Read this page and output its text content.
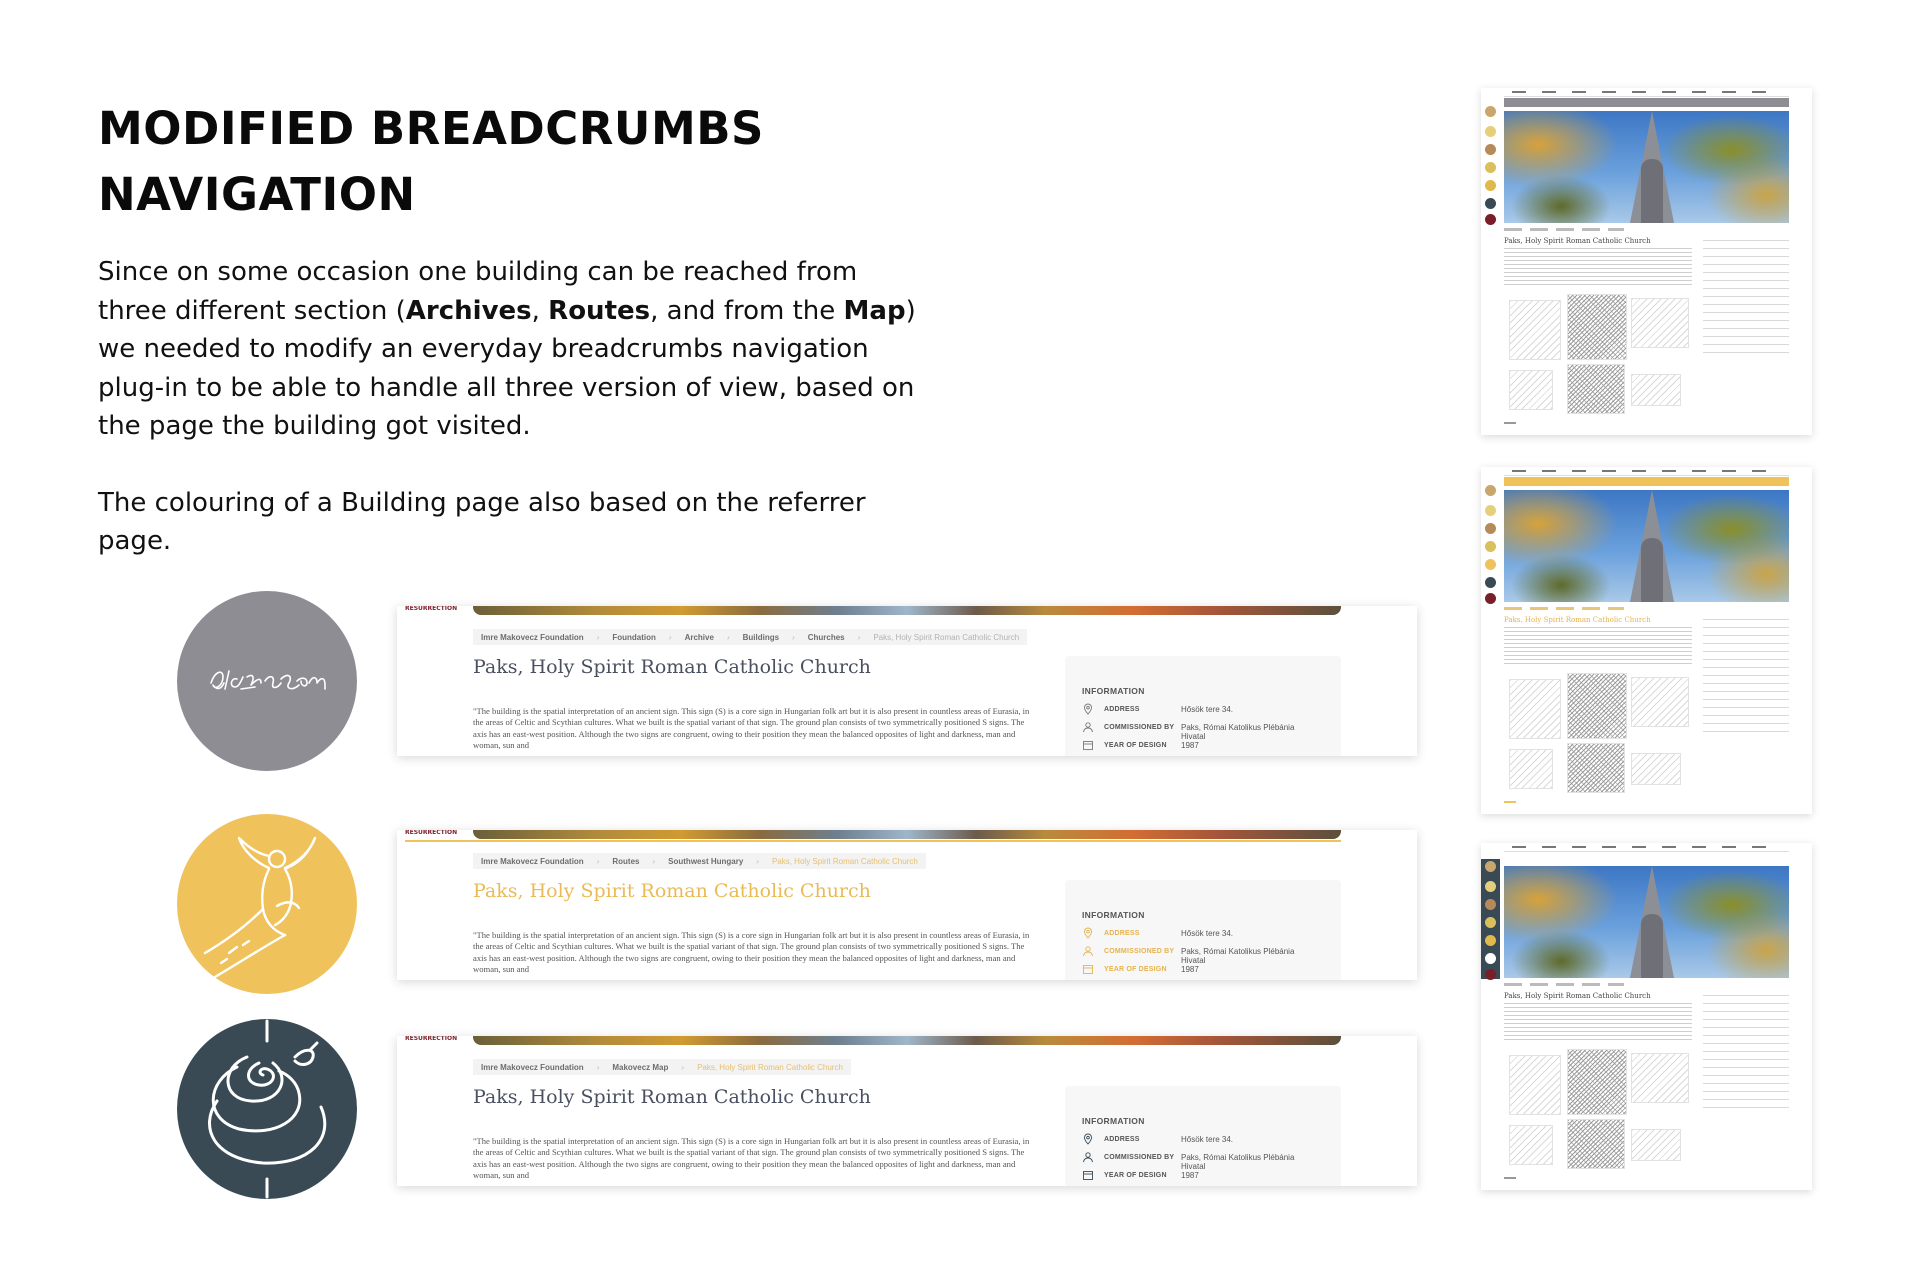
MODIFIED BREADCRUMBS
NAVIGATION

Since on some occasion one building can be reached from three different section (Archives, Routes, and from the Map) we needed to modify an everyday breadcrumbs navigation plug-in to be able to handle all three version of view, based on the page the building got visited.

The colouring of a Building page also based on the referrer page.

RESURRECTION
Imre Makovecz Foundation › Foundation › Archive › Buildings › Churches › Paks, Holy Spirit Roman Catholic Church
Paks, Holy Spirit Roman Catholic Church
"The building is the spatial interpretation of an ancient sign. This sign (S) is a core sign in Hungarian folk art but it is also present in countless areas of Eurasia, in the areas of Celtic and Scythian cultures. What we built is the spatial variant of that sign. The ground plan consists of two symmetrically positioned S signs. The axis has an east-west position. Although the two signs are congruent, owing to their position they mean the balanced opposites of light and darkness, man and woman, sun and
INFORMATION
ADDRESS	Hősök tere 34.
COMMISSIONED BY Paks, Római Katolikus Plébánia Hivatal
YEAR OF DESIGN 1987
RESURRECTION
Imre Makovecz Foundation › Routes › Southwest Hungary › Paks, Holy Spirit Roman Catholic Church
Paks, Holy Spirit Roman Catholic Church
"The building is the spatial interpretation of an ancient sign. This sign (S) is a core sign in Hungarian folk art but it is also present in countless areas of Eurasia, in the areas of Celtic and Scythian cultures. What we built is the spatial variant of that sign. The ground plan consists of two symmetrically positioned S signs. The axis has an east-west position. Although the two signs are congruent, owing to their position they mean the balanced opposites of light and darkness, man and woman, sun and
INFORMATION
ADDRESS	Hősök tere 34.
COMMISSIONED BY Paks, Római Katolikus Plébánia Hivatal
YEAR OF DESIGN 1987
RESURRECTION
Imre Makovecz Foundation › Makovecz Map › Paks, Holy Spirit Roman Catholic Church
Paks, Holy Spirit Roman Catholic Church
"The building is the spatial interpretation of an ancient sign. This sign (S) is a core sign in Hungarian folk art but it is also present in countless areas of Eurasia, in the areas of Celtic and Scythian cultures. What we built is the spatial variant of that sign. The ground plan consists of two symmetrically positioned S signs. The axis has an east-west position. Although the two signs are congruent, owing to their position they mean the balanced opposites of light and darkness, man and woman, sun and
INFORMATION
ADDRESS	Hősök tere 34.
COMMISSIONED BY Paks, Római Katolikus Plébánia Hivatal
YEAR OF DESIGN 1987
Paks, Holy Spirit Roman Catholic Church
Paks, Holy Spirit Roman Catholic Church
Paks, Holy Spirit Roman Catholic Church
